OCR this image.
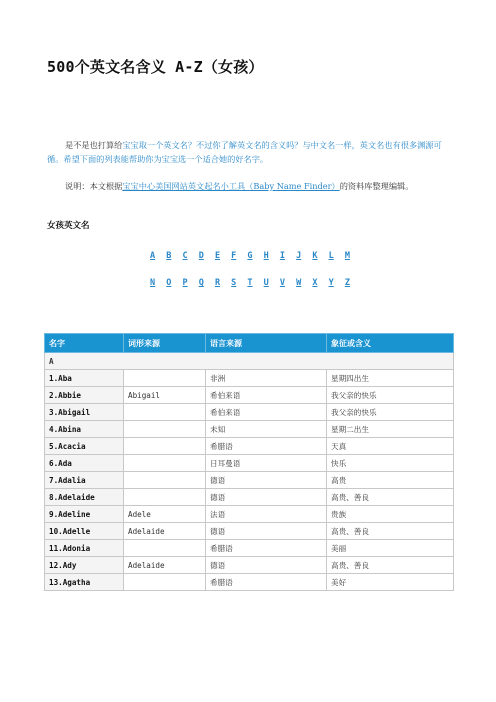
500个英文名含义 A-Z（女孩）
是不是也打算给宝宝取一个英文名？不过你了解英文名的含义吗？与中文名一样，英文名也有很多渊源可循。希望下面的列表能帮助你为宝宝选一个适合她的好名字。
说明：本文根据宝宝中心美国网站英文起名小工具（Baby Name Finder）的资料库整理编辑。
女孩英文名
A B C D E F G H I J K L M
N O P Q R S T U V W X Y Z
名字	词形来源	语言来源	象征或含义
A			
1.Aba		非洲	星期四出生
2.Abbie	Abigail	希伯来语	我父亲的快乐
3.Abigail		希伯来语	我父亲的快乐
4.Abina		未知	星期二出生
5.Acacia		希腊语	天真
6.Ada		日耳曼语	快乐
7.Adalia		德语	高贵
8.Adelaide		德语	高贵、善良
9.Adeline	Adele	法语	贵族
10.Adelle	Adelaide	德语	高贵、善良
11.Adonia		希腊语	美丽
12.Ady	Adelaide	德语	高贵、善良
13.Agatha		希腊语	美好
